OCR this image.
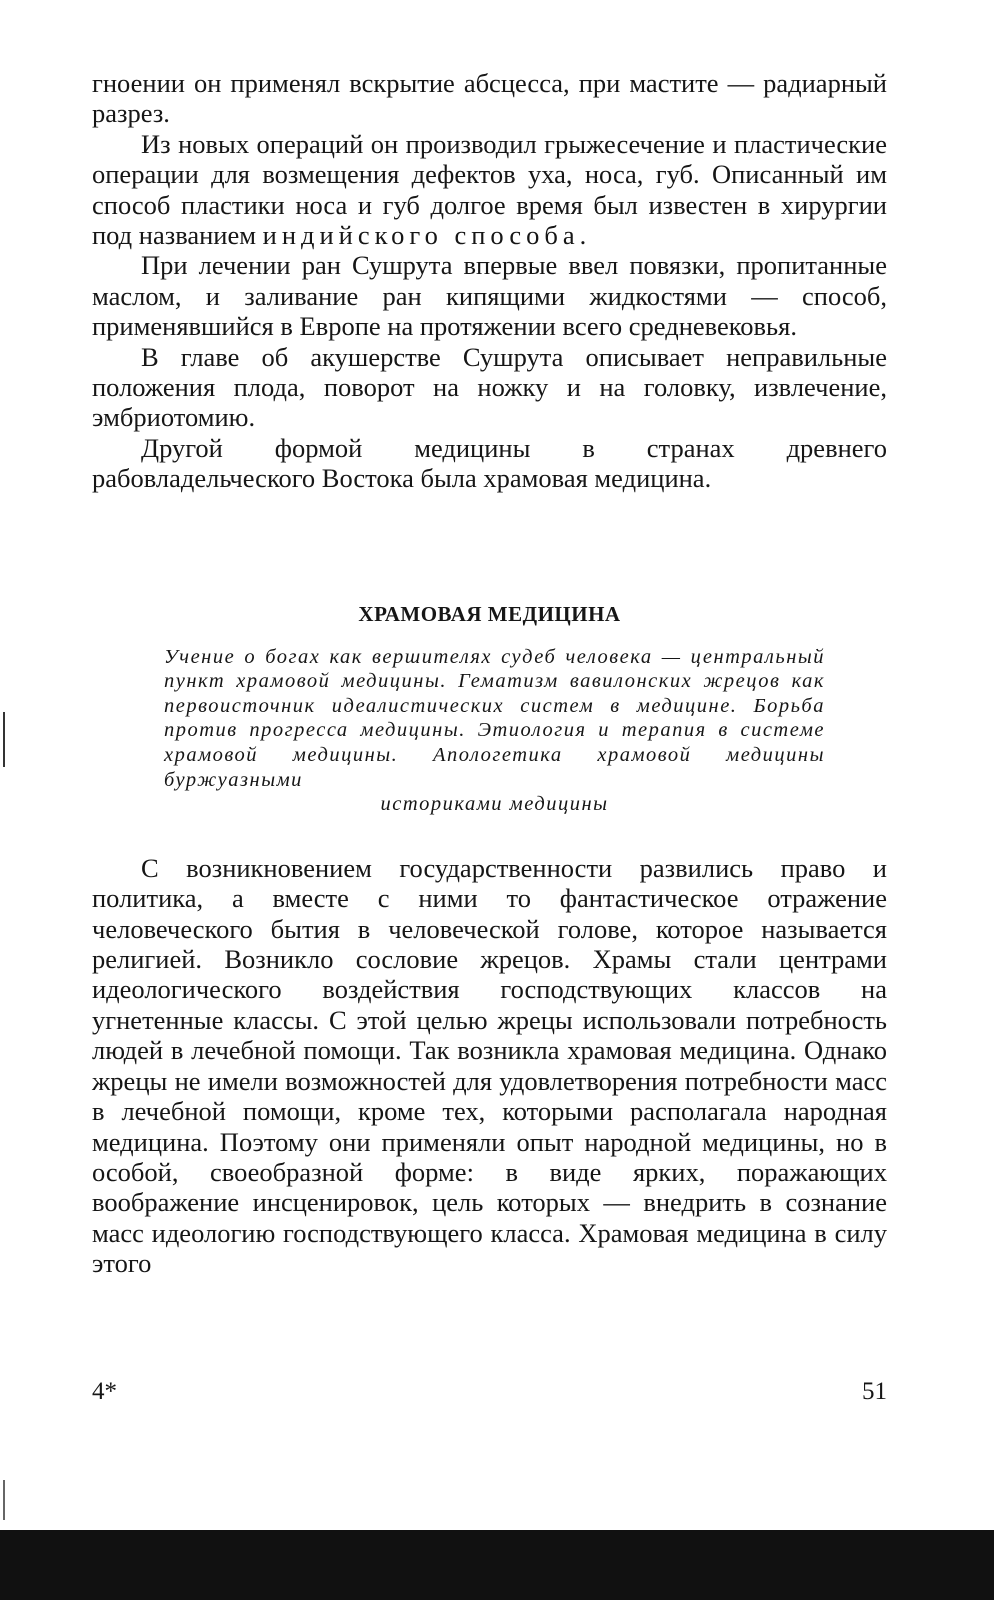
гноении он применял вскрытие абсцесса, при мастите — радиарный разрез.

Из новых операций он производил грыжесечение и пластические операции для возмещения дефектов уха, носа, губ. Описанный им способ пластики носа и губ долгое время был известен в хирургии под названием индийского способа.

При лечении ран Сушрута впервые ввел повязки, пропитанные маслом, и заливание ран кипящими жидкостями — способ, применявшийся в Европе на протяжении всего средневековья.

В главе об акушерстве Сушрута описывает неправильные положения плода, поворот на ножку и на головку, извлечение, эмбриотомию.

Другой формой медицины в странах древнего рабовладельческого Востока была храмовая медицина.

ХРАМОВАЯ МЕДИЦИНА

Учение о богах как вершителях судеб человека — центральный пункт храмовой медицины. Гематизм вавилонских жрецов как первоисточник идеалистических систем в медицине. Борьба против прогресса медицины. Этиология и терапия в системе храмовой медицины. Апологетика храмовой медицины буржуазными
историками медицины

С возникновением государственности развились право и политика, а вместе с ними то фантастическое отражение человеческого бытия в человеческой голове, которое называется религией. Возникло сословие жрецов. Храмы стали центрами идеологического воздействия господствующих классов на угнетенные классы. С этой целью жрецы использовали потребность людей в лечебной помощи. Так возникла храмовая медицина. Однако жрецы не имели возможностей для удовлетворения потребности масс в лечебной помощи, кроме тех, которыми располагала народная медицина. Поэтому они применяли опыт народной медицины, но в особой, своеобразной форме: в виде ярких, поражающих воображение инсценировок, цель которых — внедрить в сознание масс идеологию господствующего класса. Храмовая медицина в силу этого

4*	51
